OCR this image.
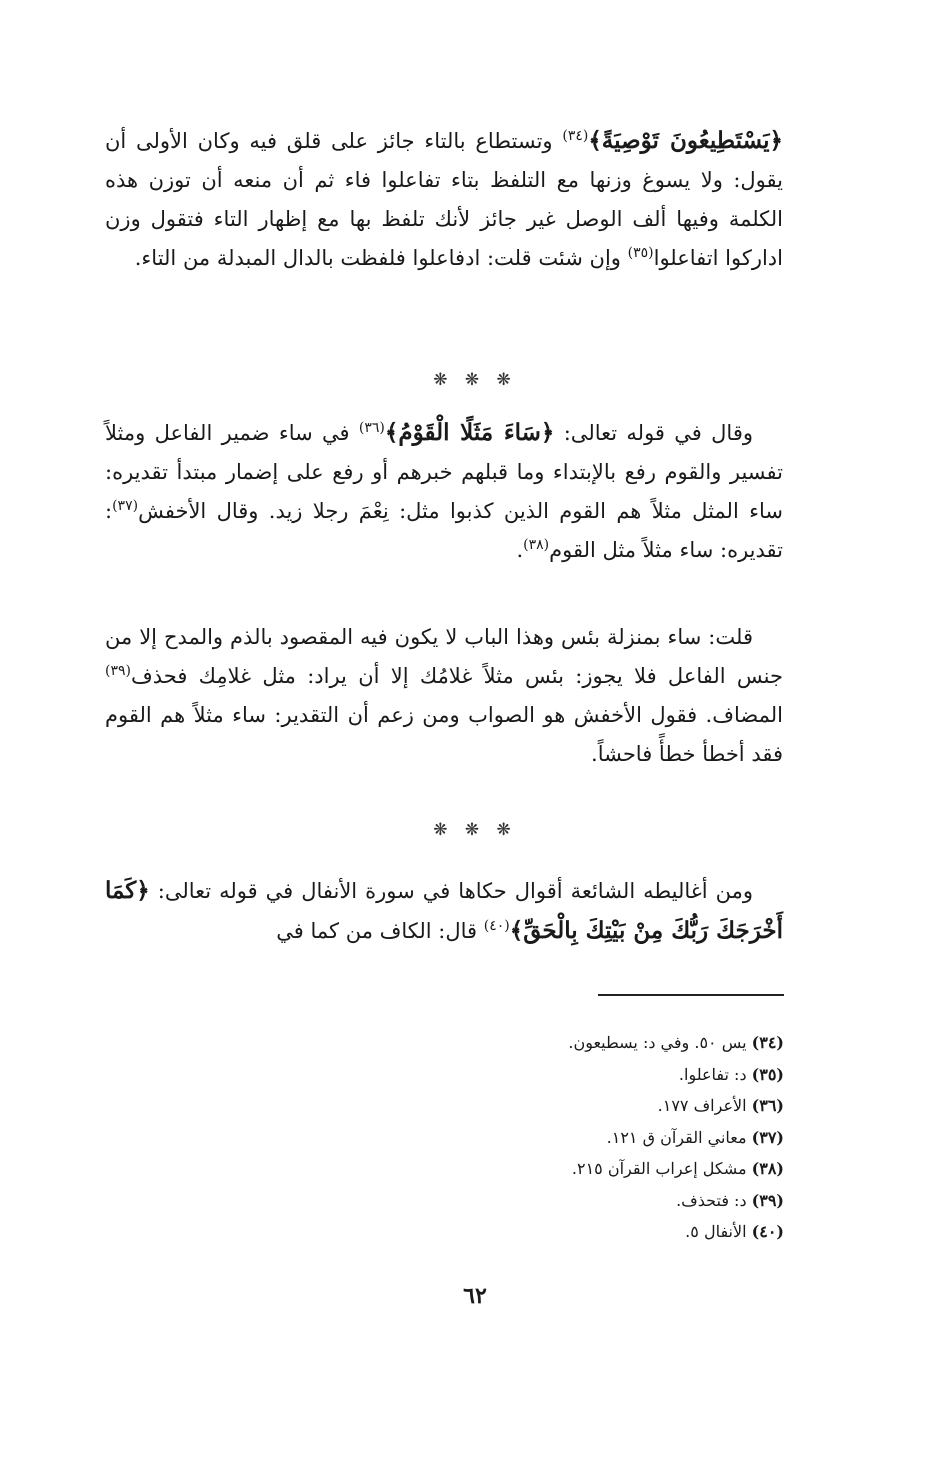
﴿يَسْتَطِيعُونَ تَوْصِيَةً﴾$^{(٣٤)}$ وتستطاع بالتاء جائز على قلق فيه وكان الأولى أن يقول: ولا يسوغ وزنها مع التلفظ بتاء تفاعلوا فاء ثم أن منعه أن توزن هذه الكلمة وفيها ألف الوصل غير جائز لأنك تلفظ بها مع إظهار التاء فتقول وزن اداركوا اتفاعلوا$^{(٣٥)}$ وإن شئت قلت: ادفاعلوا فلفظت بالدال المبدلة من التاء.
❋ ❋ ❋
وقال في قوله تعالى: ﴿سَاءَ مَثَلًا الْقَوْمُ﴾$^{(٣٦)}$ في ساء ضمير الفاعل ومثلاً تفسير والقوم رفع بالإبتداء وما قبلهم خبرهم أو رفع على إضمار مبتدأ تقديره: ساء المثل مثلاً هم القوم الذين كذبوا مثل: نِعْمَ رجلا زيد. وقال الأخفش$^{(٣٧)}$: تقديره: ساء مثلاً مثل القوم$^{(٣٨)}$.
قلت: ساء بمنزلة بئس وهذا الباب لا يكون فيه المقصود بالذم والمدح إلا من جنس الفاعل فلا يجوز: بئس مثلاً غلامُك إلا أن يراد: مثل غلامِك فحذف$^{(٣٩)}$ المضاف. فقول الأخفش هو الصواب ومن زعم أن التقدير: ساء مثلاً هم القوم فقد أخطأ خطأً فاحشاً.
❋ ❋ ❋
ومن أغاليطه الشائعة أقوال حكاها في سورة الأنفال في قوله تعالى: ﴿كَمَا أَخْرَجَكَ رَبُّكَ مِنْ بَيْتِكَ بِالْحَقِّ﴾$^{(٤٠)}$ قال: الكاف من كما في
(٣٤) يس ٥٠. وفي د: يسطيعون.
(٣٥) د: تفاعلوا.
(٣٦) الأعراف ١٧٧.
(٣٧) معاني القرآن ق ١٢١.
(٣٨) مشكل إعراب القرآن ٢١٥.
(٣٩) د: فتحذف.
(٤٠) الأنفال ٥.
٦٢
